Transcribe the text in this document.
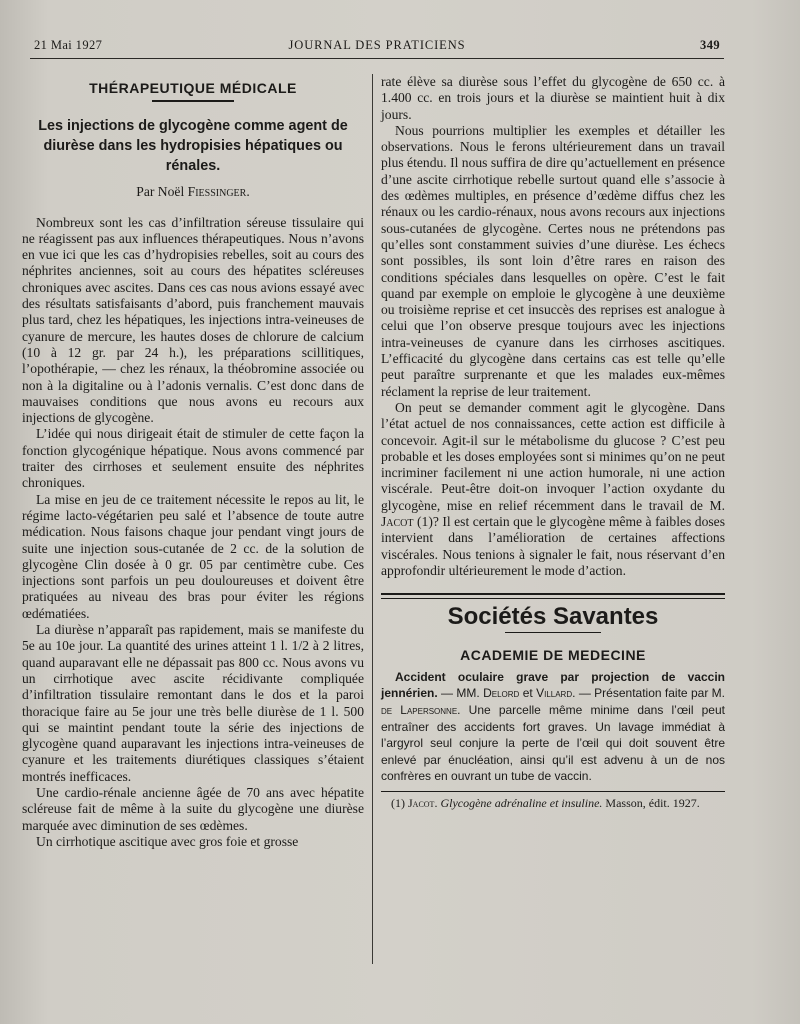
21 Mai 1927	JOURNAL DES PRATICIENS	349
THÉRAPEUTIQUE MÉDICALE
Les injections de glycogène comme agent de diurèse dans les hydropisies hépatiques ou rénales.
Par Noël Fiessinger.

Nombreux sont les cas d’infiltration séreuse tissulaire qui ne réagissent pas aux influences thérapeutiques. Nous n’avons en vue ici que les cas d’hydropisies rebelles, soit au cours des néphrites anciennes, soit au cours des hépatites scléreuses chroniques avec ascites. Dans ces cas nous avions essayé avec des résultats satisfaisants d’abord, puis franchement mauvais plus tard, chez les hépatiques, les injections intra-veineuses de cyanure de mercure, les hautes doses de chlorure de calcium (10 à 12 gr. par 24 h.), les préparations scillitiques, l’opothérapie, — chez les rénaux, la théobromine associée ou non à la digitaline ou à l’adonis vernalis. C’est donc dans de mauvaises conditions que nous avons eu recours aux injections de glycogène.

L’idée qui nous dirigeait était de stimuler de cette façon la fonction glycogénique hépatique. Nous avons commencé par traiter des cirrhoses et seulement ensuite des néphrites chroniques.

La mise en jeu de ce traitement nécessite le repos au lit, le régime lacto-végétarien peu salé et l’absence de toute autre médication. Nous faisons chaque jour pendant vingt jours de suite une injection sous-cutanée de 2 cc. de la solution de glycogène Clin dosée à 0 gr. 05 par centimètre cube. Ces injections sont parfois un peu douloureuses et doivent être pratiquées au niveau des bras pour éviter les régions œdématiées.

La diurèse n’apparaît pas rapidement, mais se manifeste du 5e au 10e jour. La quantité des urines atteint 1 l. 1/2 à 2 litres, quand auparavant elle ne dépassait pas 800 cc. Nous avons vu un cirrhotique avec ascite récidivante compliquée d’infiltration tissulaire remontant dans le dos et la paroi thoracique faire au 5e jour une très belle diurèse de 1 l. 500 qui se maintint pendant toute la série des injections de glycogène quand auparavant les injections intra-veineuses de cyanure et les traitements diurétiques classiques s’étaient montrés inefficaces.

Une cardio-rénale ancienne âgée de 70 ans avec hépatite scléreuse fait de même à la suite du glycogène une diurèse marquée avec diminution de ses œdèmes.

Un cirrhotique ascitique avec gros foie et grosse

rate élève sa diurèse sous l’effet du glycogène de 650 cc. à 1.400 cc. en trois jours et la diurèse se maintient huit à dix jours.

Nous pourrions multiplier les exemples et détailler les observations. Nous le ferons ultérieurement dans un travail plus étendu. Il nous suffira de dire qu’actuellement en présence d’une ascite cirrhotique rebelle surtout quand elle s’associe à des œdèmes multiples, en présence d’œdème diffus chez les rénaux ou les cardio-rénaux, nous avons recours aux injections sous-cutanées de glycogène. Certes nous ne prétendons pas qu’elles sont constamment suivies d’une diurèse. Les échecs sont possibles, ils sont loin d’être rares en raison des conditions spéciales dans lesquelles on opère. C’est le fait quand par exemple on emploie le glycogène à une deuxième ou troisième reprise et cet insuccès des reprises est analogue à celui que l’on observe presque toujours avec les injections intra-veineuses de cyanure dans les cirrhoses ascitiques. L’efficacité du glycogène dans certains cas est telle qu’elle peut paraître surprenante et que les malades eux-mêmes réclament la reprise de leur traitement.

On peut se demander comment agit le glycogène. Dans l’état actuel de nos connaissances, cette action est difficile à concevoir. Agit-il sur le métabolisme du glucose ? C’est peu probable et les doses employées sont si minimes qu’on ne peut incriminer facilement ni une action humorale, ni une action viscérale. Peut-être doit-on invoquer l’action oxydante du glycogène, mise en relief récemment dans le travail de M. Jacot (1)? Il est certain que le glycogène même à faibles doses intervient dans l’amélioration de certaines affections viscérales. Nous tenions à signaler le fait, nous réservant d’en approfondir ultérieurement le mode d’action.

Sociétés Savantes
ACADEMIE DE MEDECINE

Accident oculaire grave par projection de vaccin jennérien. — MM. Delord et Villard. — Présentation faite par M. de Lapersonne. Une parcelle même minime dans l’œil peut entraîner des accidents fort graves. Un lavage immédiat à l’argyrol seul conjure la perte de l’œil qui doit souvent être enlevé par énucléation, ainsi qu’il est advenu à un de nos confrères en ouvrant un tube de vaccin.

(1) Jacot. Glycogène adrénaline et insuline. Masson, édit. 1927.
